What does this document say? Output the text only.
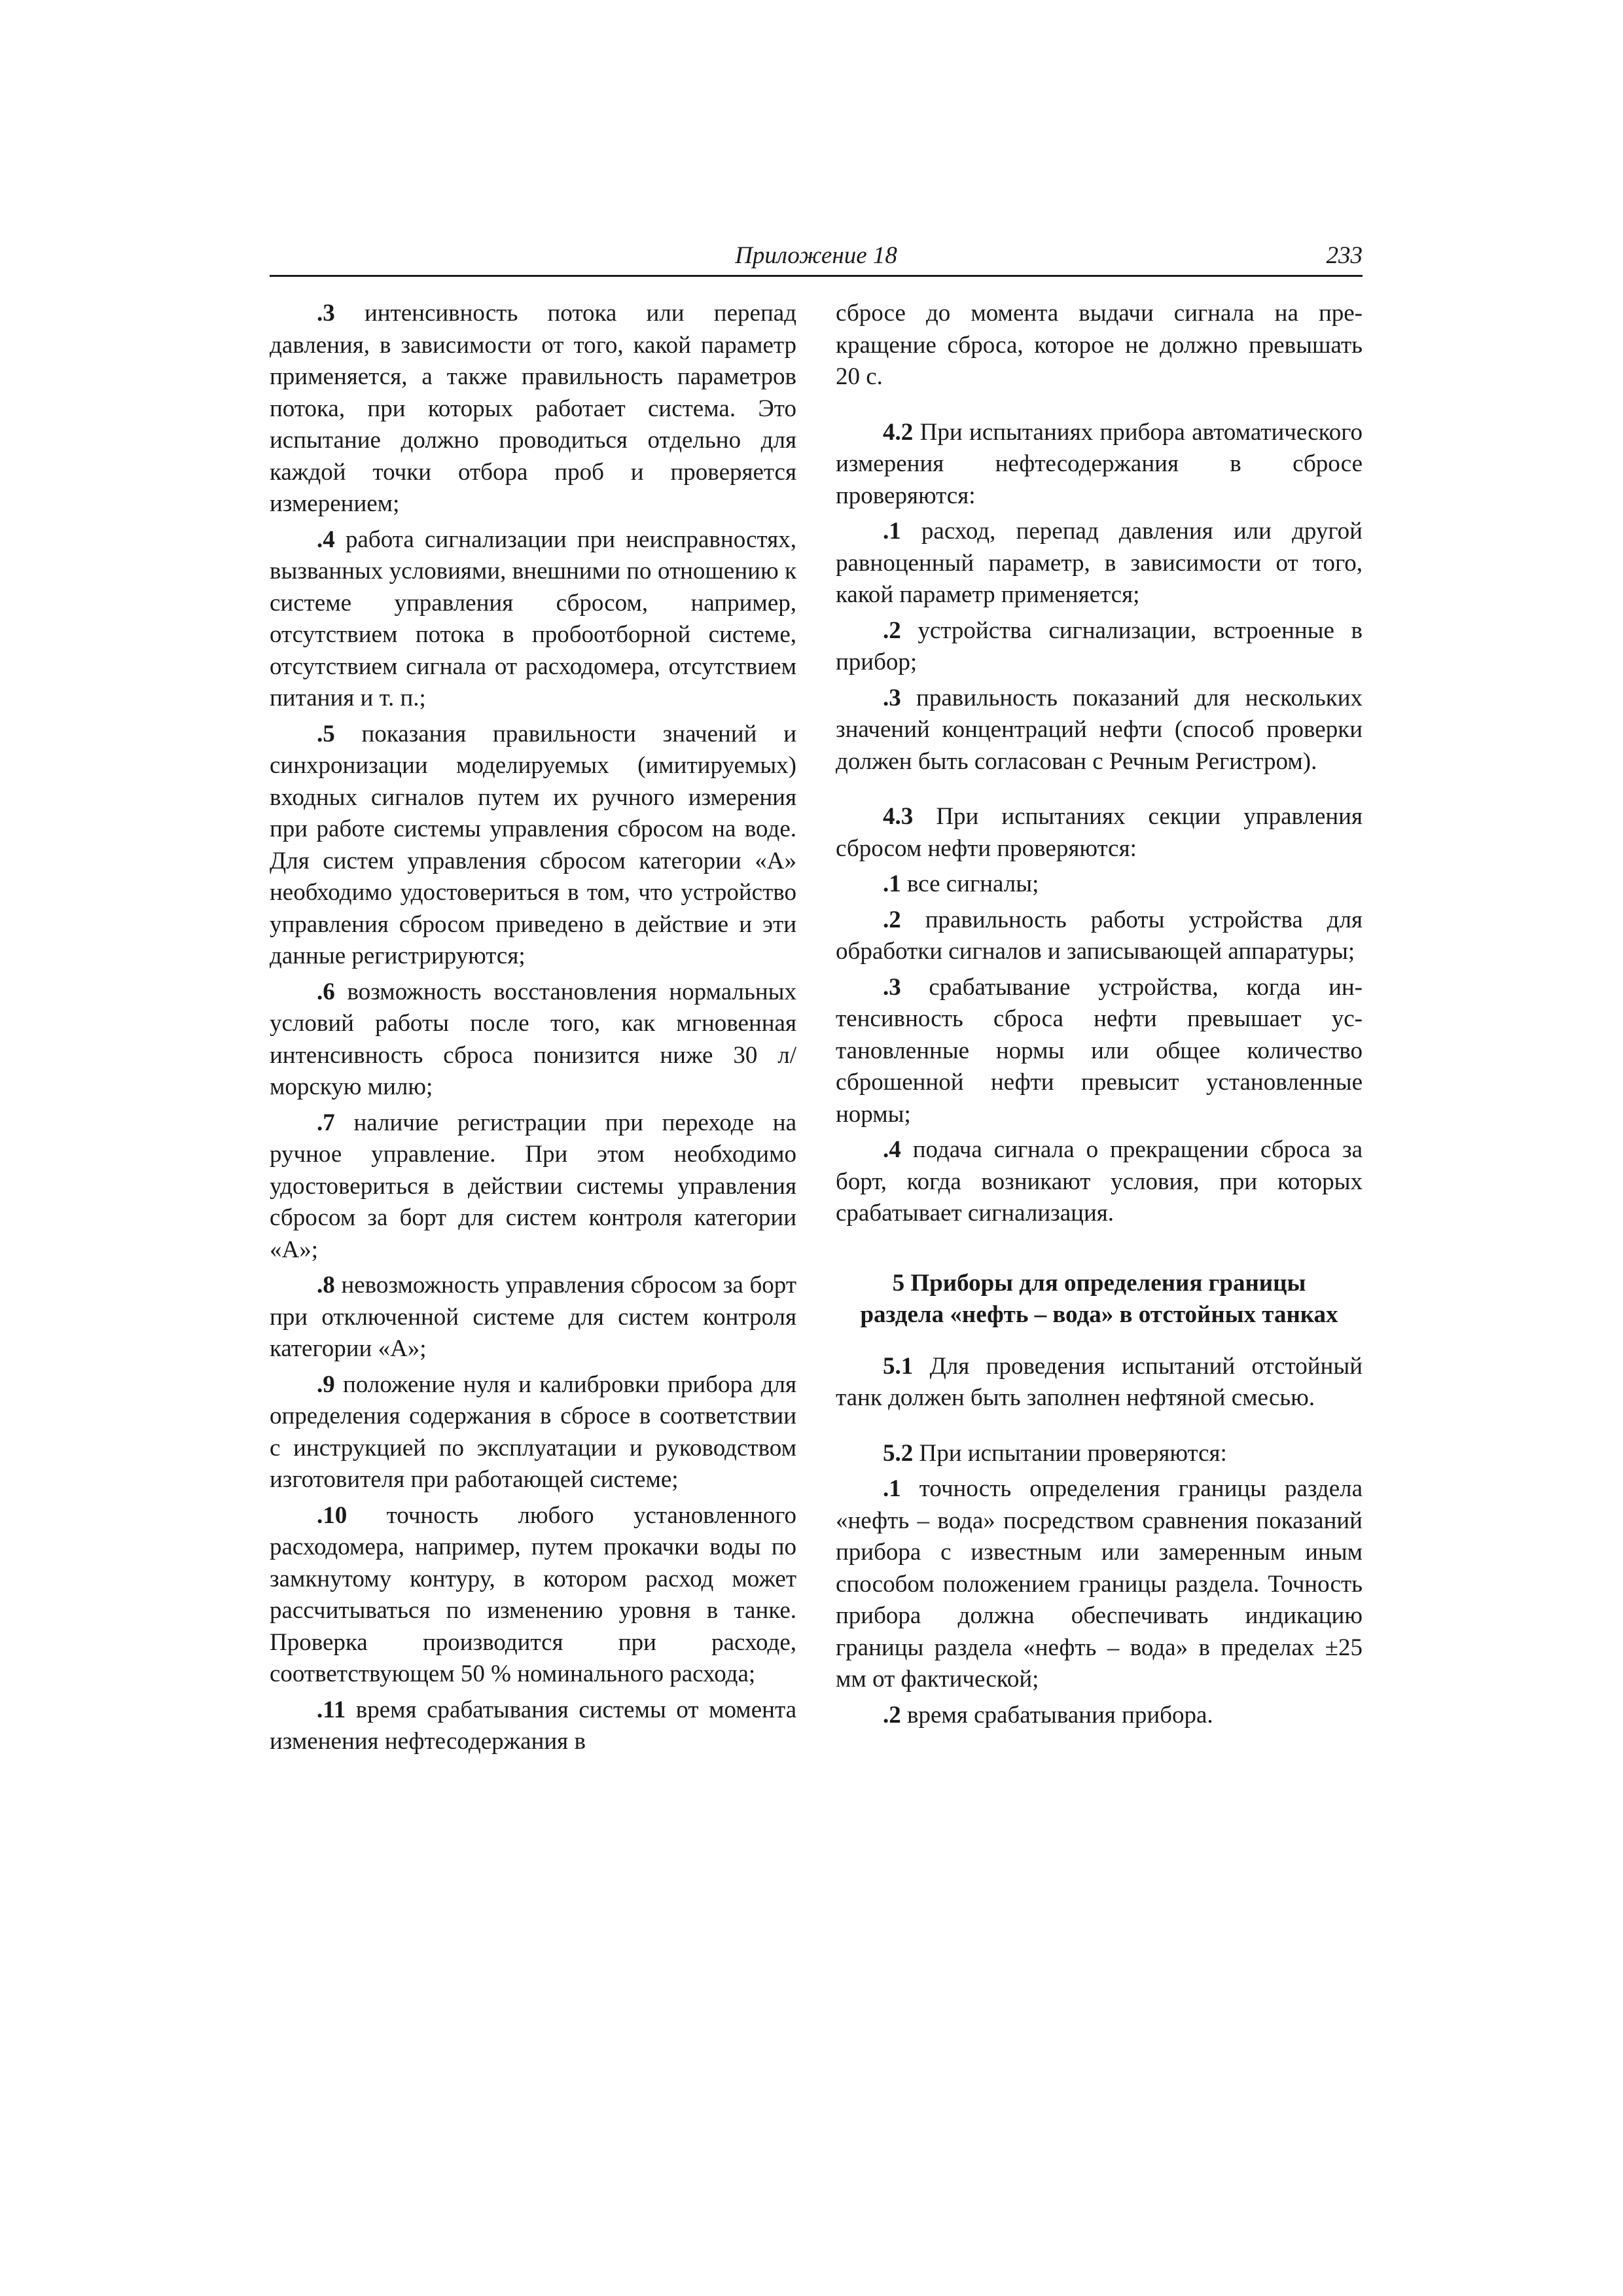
Приложение 18	233

.3 интенсивность потока или перепад давления, в зависимости от того, какой параметр применяется, а также правильность параметров потока, при которых работает система. Это испытание должно проводиться отдельно для каждой точки отбора проб и проверяется измерением;

.4 работа сигнализации при неисправностях, вызванных условиями, внешними по отношению к системе управления сбросом, например, отсутствием потока в пробоотборной системе, отсутствием сигнала от расходомера, отсутствием питания и т. п.;

.5 показания правильности значений и синхронизации моделируемых (имитируемых) входных сигналов путем их ручного измерения при работе системы управления сбросом на воде. Для систем управления сбросом категории «А» необходимо удостовериться в том, что устройство управления сбросом приведено в действие и эти данные регистрируются;

.6 возможность восстановления нормальных условий работы после того, как мгновенная интенсивность сброса понизится ниже 30 л/морскую милю;

.7 наличие регистрации при переходе на ручное управление. При этом необходимо удостовериться в действии системы управления сбросом за борт для систем контроля категории «А»;

.8 невозможность управления сбросом за борт при отключенной системе для систем контроля категории «А»;

.9 положение нуля и калибровки прибора для определения содержания в сбросе в соответствии с инструкцией по эксплуатации и руководством изготовителя при работающей системе;

.10 точность любого установленного расходомера, например, путем прокачки воды по замкнутому контуру, в котором расход может рассчитываться по изменению уровня в танке. Проверка производится при расходе, соответствующем 50 % номинального расхода;

.11 время срабатывания системы от момента изменения нефтесодержания в

сбросе до момента выдачи сигнала на прекращение сброса, которое не должно превышать 20 с.

4.2 При испытаниях прибора автоматического измерения нефтесодержания в сбросе проверяются:

.1 расход, перепад давления или другой равноценный параметр, в зависимости от того, какой параметр применяется;

.2 устройства сигнализации, встроенные в прибор;

.3 правильность показаний для нескольких значений концентраций нефти (способ проверки должен быть согласован с Речным Регистром).

4.3 При испытаниях секции управления сбросом нефти проверяются:

.1 все сигналы;

.2 правильность работы устройства для обработки сигналов и записывающей аппаратуры;

.3 срабатывание устройства, когда интенсивность сброса нефти превышает установленные нормы или общее количество сброшенной нефти превысит установленные нормы;

.4 подача сигнала о прекращении сброса за борт, когда возникают условия, при которых срабатывает сигнализация.

5 Приборы для определения границы
раздела «нефть – вода» в отстойных танках

5.1 Для проведения испытаний отстойный танк должен быть заполнен нефтяной смесью.

5.2 При испытании проверяются:

.1 точность определения границы раздела «нефть – вода» посредством сравнения показаний прибора с известным или замеренным иным способом положением границы раздела. Точность прибора должна обеспечивать индикацию границы раздела «нефть – вода» в пределах ±25 мм от фактической;

.2 время срабатывания прибора.
